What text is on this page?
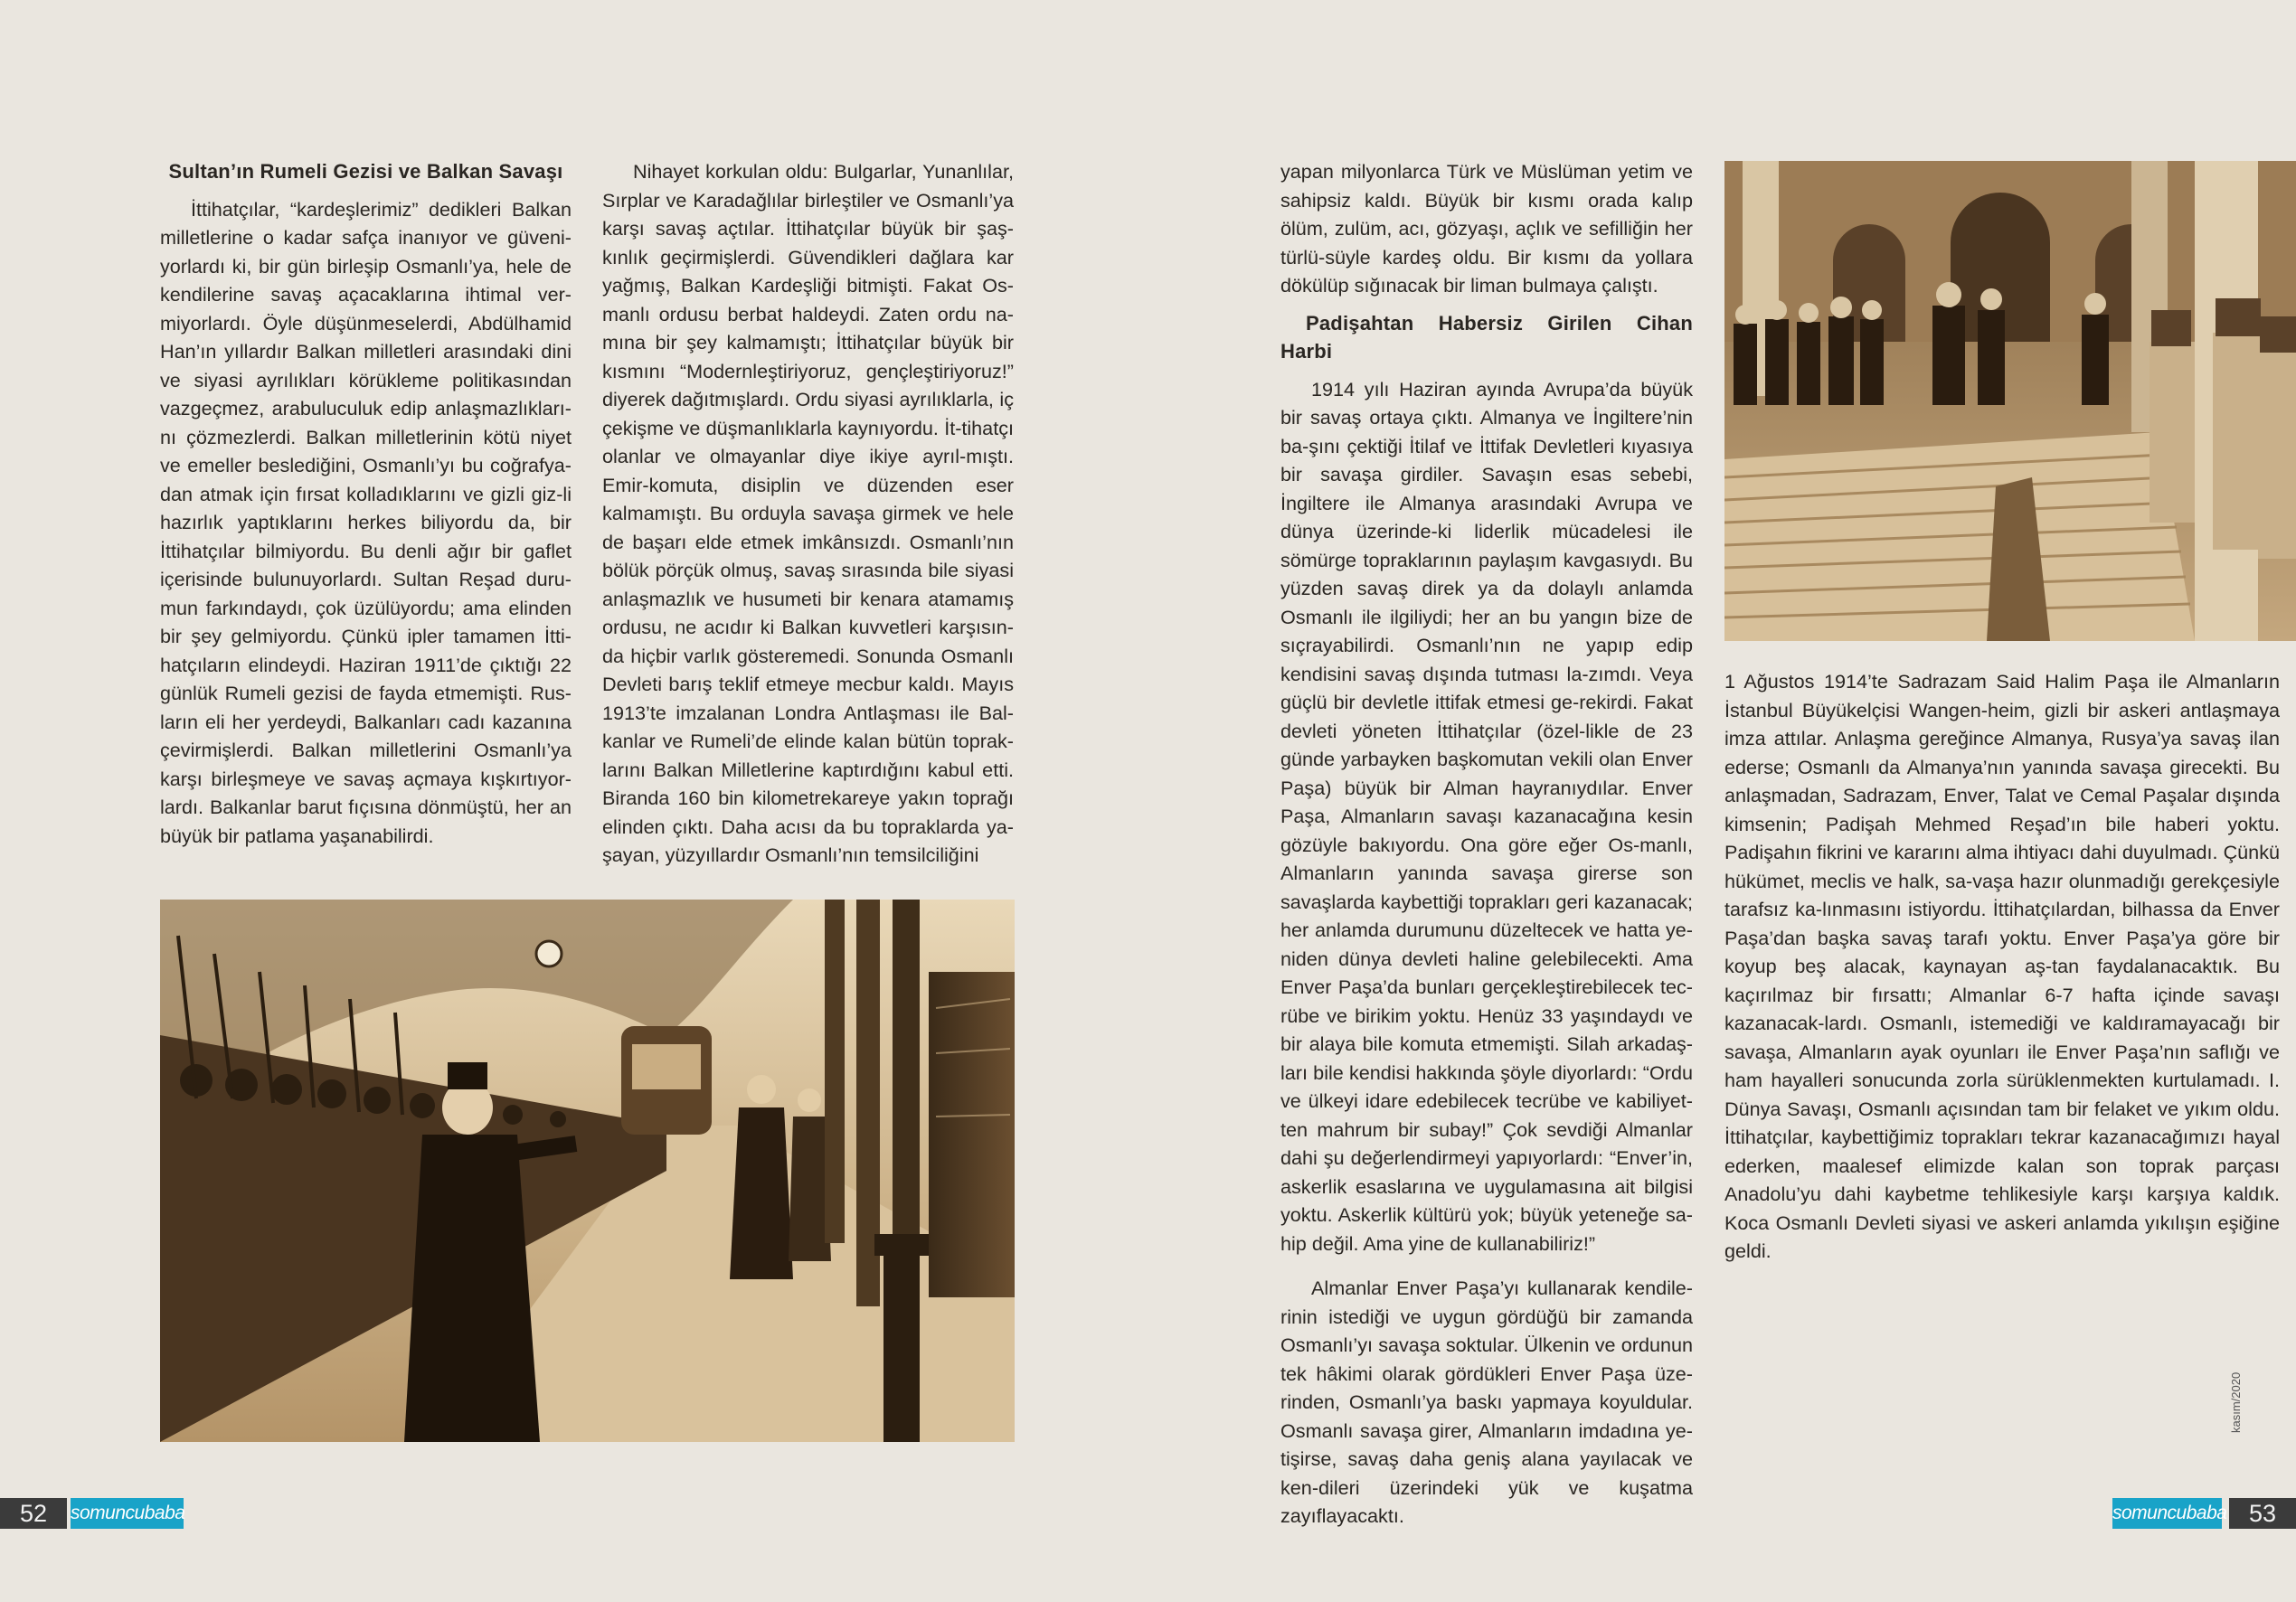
Sultan’ın Rumeli Gezisi ve Balkan Savaşı

İttihatçılar, “kardeşlerimiz” dedikleri Balkan milletlerine o kadar safça inanıyor ve güveni-yorlardı ki, bir gün birleşip Osmanlı’ya, hele de kendilerine savaş açacaklarına ihtimal ver-miyorlardı. Öyle düşünmeselerdi, Abdülhamid Han’ın yıllardır Balkan milletleri arasındaki dini ve siyasi ayrılıkları körükleme politikasından vazgeçmez, arabuluculuk edip anlaşmazlıkları-nı çözmezlerdi. Balkan milletlerinin kötü niyet ve emeller beslediğini, Osmanlı’yı bu coğrafya-dan atmak için fırsat kolladıklarını ve gizli giz-li hazırlık yaptıklarını herkes biliyordu da, bir İttihatçılar bilmiyordu. Bu denli ağır bir gaflet içerisinde bulunuyorlardı. Sultan Reşad duru-mun farkındaydı, çok üzülüyordu; ama elinden bir şey gelmiyordu. Çünkü ipler tamamen İtti-hatçıların elindeydi. Haziran 1911’de çıktığı 22 günlük Rumeli gezisi de fayda etmemişti. Rus-ların eli her yerdeydi, Balkanları cadı kazanına çevirmişlerdi. Balkan milletlerini Osmanlı’ya karşı birleşmeye ve savaş açmaya kışkırtıyor-lardı. Balkanlar barut fıçısına dönmüştü, her an büyük bir patlama yaşanabilirdi.

Nihayet korkulan oldu: Bulgarlar, Yunanlılar, Sırplar ve Karadağlılar birleştiler ve Osmanlı’ya karşı savaş açtılar. İttihatçılar büyük bir şaş-kınlık geçirmişlerdi. Güvendikleri dağlara kar yağmış, Balkan Kardeşliği bitmişti. Fakat Os-manlı ordusu berbat haldeydi. Zaten ordu na-mına bir şey kalmamıştı; İttihatçılar büyük bir kısmını “Modernleştiriyoruz, gençleştiriyoruz!” diyerek dağıtmışlardı. Ordu siyasi ayrılıklarla, iç çekişme ve düşmanlıklarla kaynıyordu. İt-tihatçı olanlar ve olmayanlar diye ikiye ayrıl-mıştı. Emir-komuta, disiplin ve düzenden eser kalmamıştı. Bu orduyla savaşa girmek ve hele de başarı elde etmek imkânsızdı. Osmanlı’nın bölük pörçük olmuş, savaş sırasında bile siyasi anlaşmazlık ve husumeti bir kenara atamamış ordusu, ne acıdır ki Balkan kuvvetleri karşısın-da hiçbir varlık gösteremedi. Sonunda Osmanlı Devleti barış teklif etmeye mecbur kaldı. Mayıs 1913’te imzalanan Londra Antlaşması ile Bal-kanlar ve Rumeli’de elinde kalan bütün toprak-larını Balkan Milletlerine kaptırdığını kabul etti. Biranda 160 bin kilometrekareye yakın toprağı elinden çıktı. Daha acısı da bu topraklarda ya-şayan, yüzyıllardır Osmanlı’nın temsilciliğini

52	somuncubaba

yapan milyonlarca Türk ve Müslüman yetim ve sahipsiz kaldı. Büyük bir kısmı orada kalıp ölüm, zulüm, acı, gözyaşı, açlık ve sefilliğin her türlü-süyle kardeş oldu. Bir kısmı da yollara dökülüp sığınacak bir liman bulmaya çalıştı.

Padişahtan Habersiz Girilen Cihan Harbi

1914 yılı Haziran ayında Avrupa’da büyük bir savaş ortaya çıktı. Almanya ve İngiltere’nin ba-şını çektiği İtilaf ve İttifak Devletleri kıyasıya bir savaşa girdiler. Savaşın esas sebebi, İngiltere ile Almanya arasındaki Avrupa ve dünya üzerinde-ki liderlik mücadelesi ile sömürge topraklarının paylaşım kavgasıydı. Bu yüzden savaş direk ya da dolaylı anlamda Osmanlı ile ilgiliydi; her an bu yangın bize de sıçrayabilirdi. Osmanlı’nın ne yapıp edip kendisini savaş dışında tutması la-zımdı. Veya güçlü bir devletle ittifak etmesi ge-rekirdi. Fakat devleti yöneten İttihatçılar (özel-likle de 23 günde yarbayken başkomutan vekili olan Enver Paşa) büyük bir Alman hayranıydılar. Enver Paşa, Almanların savaşı kazanacağına kesin gözüyle bakıyordu. Ona göre eğer Os-manlı, Almanların yanında savaşa girerse son savaşlarda kaybettiği toprakları geri kazanacak; her anlamda durumunu düzeltecek ve hatta ye-niden dünya devleti haline gelebilecekti. Ama Enver Paşa’da bunları gerçekleştirebilecek tec-rübe ve birikim yoktu. Henüz 33 yaşındaydı ve bir alaya bile komuta etmemişti. Silah arkadaş-ları bile kendisi hakkında şöyle diyorlardı: “Ordu ve ülkeyi idare edebilecek tecrübe ve kabiliyet-ten mahrum bir subay!” Çok sevdiği Almanlar dahi şu değerlendirmeyi yapıyorlardı: “Enver’in, askerlik esaslarına ve uygulamasına ait bilgisi yoktu. Askerlik kültürü yok; büyük yeteneğe sa-hip değil. Ama yine de kullanabiliriz!”

Almanlar Enver Paşa’yı kullanarak kendile-rinin istediği ve uygun gördüğü bir zamanda Osmanlı’yı savaşa soktular. Ülkenin ve ordunun tek hâkimi olarak gördükleri Enver Paşa üze-rinden, Osmanlı’ya baskı yapmaya koyuldular. Osmanlı savaşa girer, Almanların imdadına ye-tişirse, savaş daha geniş alana yayılacak ve ken-dileri üzerindeki yük ve kuşatma zayıflayacaktı.

1 Ağustos 1914’te Sadrazam Said Halim Paşa ile Almanların İstanbul Büyükelçisi Wangen-heim, gizli bir askeri antlaşmaya imza attılar. Anlaşma gereğince Almanya, Rusya’ya savaş ilan ederse; Osmanlı da Almanya’nın yanında savaşa girecekti. Bu anlaşmadan, Sadrazam, Enver, Talat ve Cemal Paşalar dışında kimsenin; Padişah Mehmed Reşad’ın bile haberi yoktu. Padişahın fikrini ve kararını alma ihtiyacı dahi duyulmadı. Çünkü hükümet, meclis ve halk, sa-vaşa hazır olunmadığı gerekçesiyle tarafsız ka-lınmasını istiyordu. İttihatçılardan, bilhassa da Enver Paşa’dan başka savaş tarafı yoktu. Enver Paşa’ya göre bir koyup beş alacak, kaynayan aş-tan faydalanacaktık. Bu kaçırılmaz bir fırsattı; Almanlar 6-7 hafta içinde savaşı kazanacak-lardı. Osmanlı, istemediği ve kaldıramayacağı bir savaşa, Almanların ayak oyunları ile Enver Paşa’nın saflığı ve ham hayalleri sonucunda zorla sürüklenmekten kurtulamadı. I. Dünya Savaşı, Osmanlı açısından tam bir felaket ve yıkım oldu. İttihatçılar, kaybettiğimiz toprakları tekrar kazanacağımızı hayal ederken, maalesef elimizde kalan son toprak parçası Anadolu’yu dahi kaybetme tehlikesiyle karşı karşıya kaldık. Koca Osmanlı Devleti siyasi ve askeri anlamda yıkılışın eşiğine geldi.

somuncubaba 53
kasım/2020
